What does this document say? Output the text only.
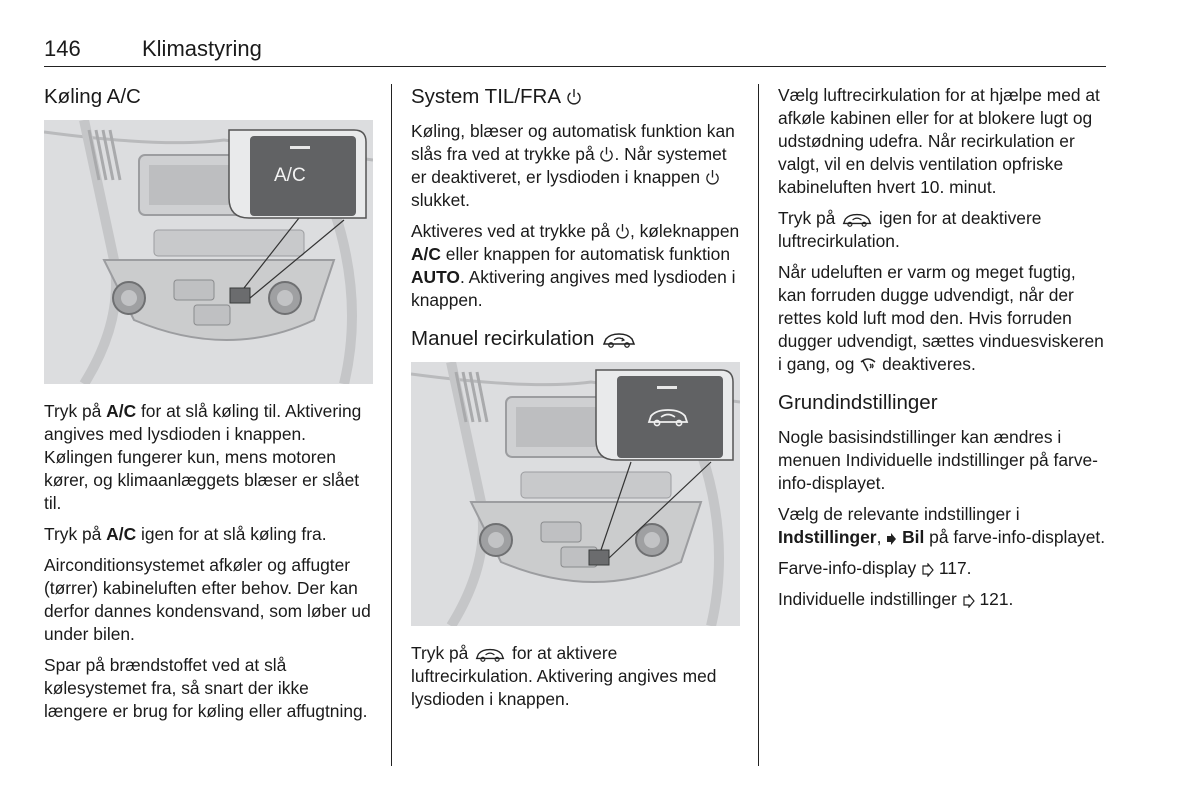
146	Klimastyring
Køling A/C
A/C

Tryk på A/C for at slå køling til. Aktivering angives med lysdioden i knappen. Kølingen fungerer kun, mens motoren kører, og klimaanlæggets blæser er slået til.

Tryk på A/C igen for at slå køling fra.

Airconditionsystemet afkøler og affugter (tørrer) kabineluften efter behov. Der kan derfor dannes kondensvand, som løber ud under bilen.

Spar på brændstoffet ved at slå kølesystemet fra, så snart der ikke længere er brug for køling eller affugtning.

System TIL/FRA

Køling, blæser og automatisk funktion kan slås fra ved at trykke på . Når systemet er deaktiveret, er lysdioden i knappen  slukket.

Aktiveres ved at trykke på , køleknappen A/C eller knappen for automatisk funktion AUTO. Aktivering angives med lysdioden i knappen.

Manuel recirkulation

Tryk på  for at aktivere luftrecirkulation. Aktivering angives med lysdioden i knappen.

Vælg luftrecirkulation for at hjælpe med at afkøle kabinen eller for at blokere lugt og udstødning udefra. Når recirkulation er valgt, vil en delvis ventilation opfriske kabineluften hvert 10. minut.

Tryk på  igen for at deaktivere luftrecirkulation.

Når udeluften er varm og meget fugtig, kan forruden dugge udvendigt, når der rettes kold luft mod den. Hvis forruden dugger udvendigt, sættes vinduesviskeren i gang, og  deaktiveres.

Grundindstillinger

Nogle basisindstillinger kan ændres i menuen Individuelle indstillinger på farve-info-displayet.

Vælg de relevante indstillinger i Indstillinger,  Bil på farve-info-displayet.

Farve-info-display  117.

Individuelle indstillinger  121.
